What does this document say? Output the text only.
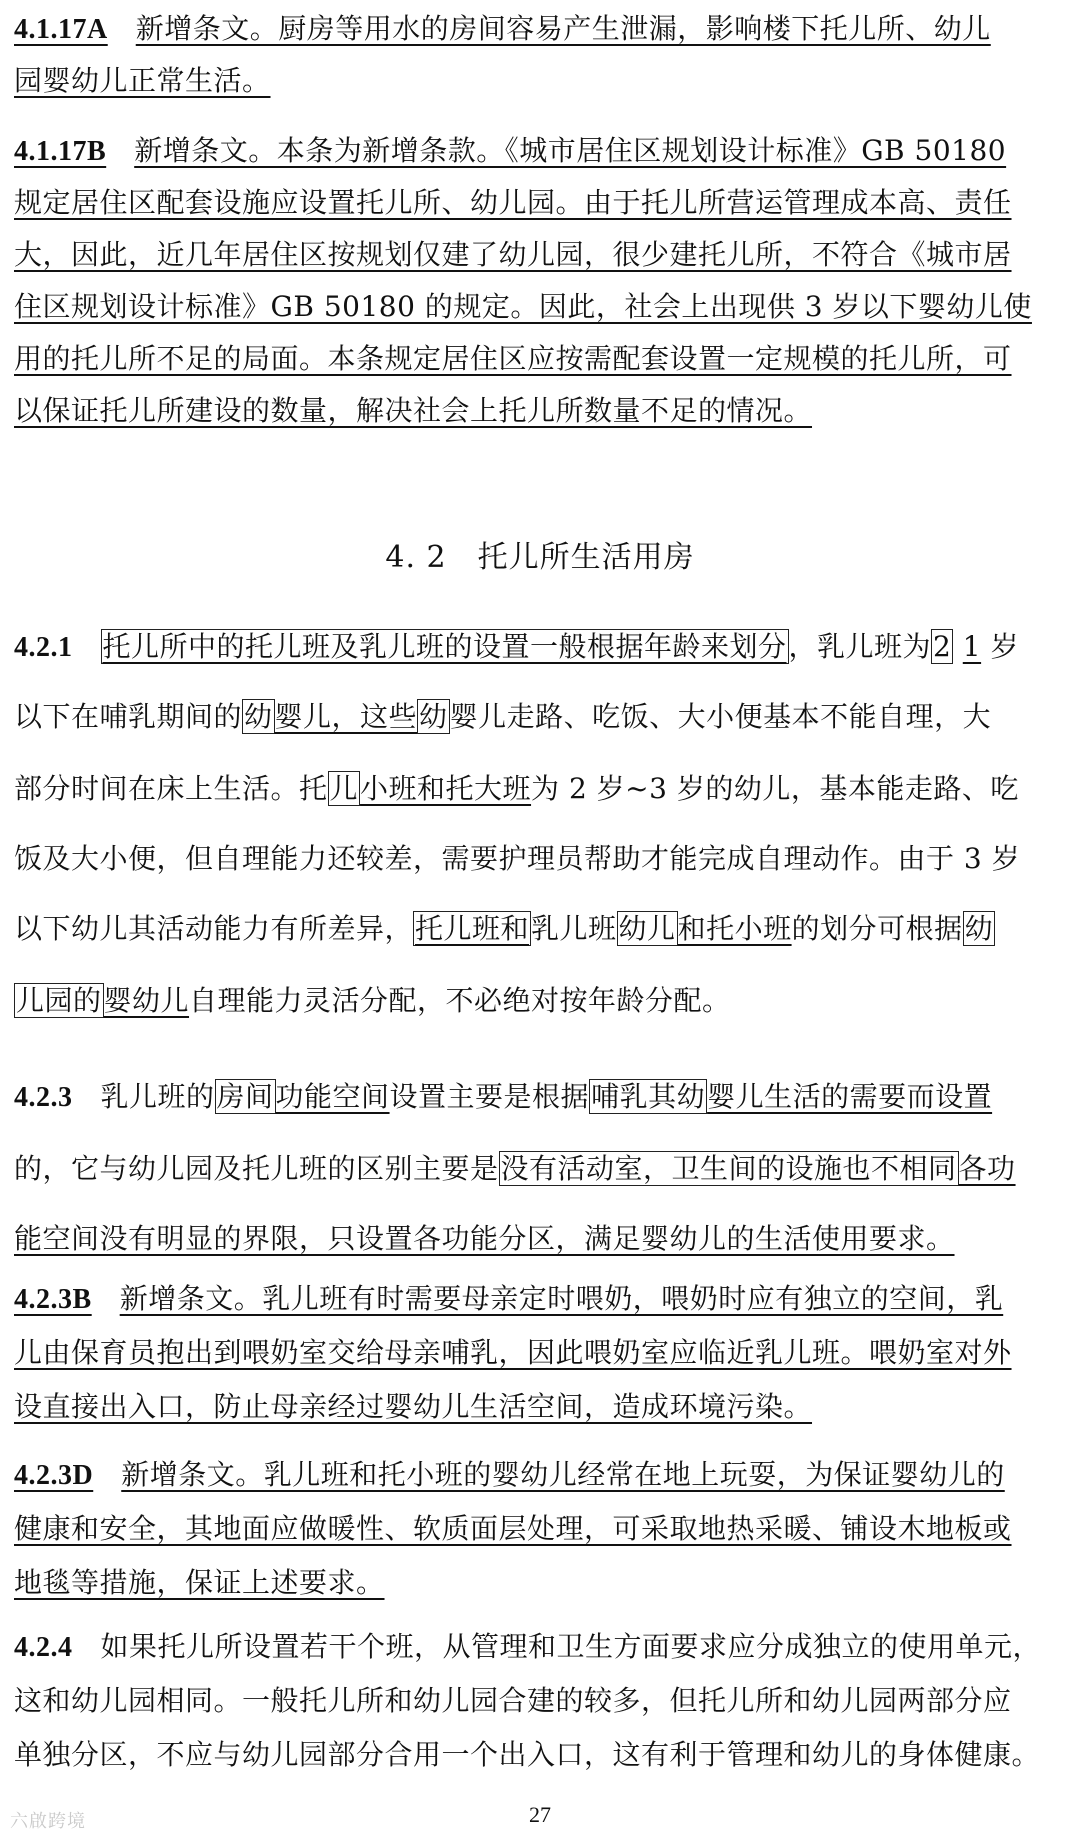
4.1.17A 新增条文。厨房等用水的房间容易产生泄漏，影响楼下托儿所、幼儿
园婴幼儿正常生活。
4.1.17B 新增条文。本条为新增条款。《城市居住区规划设计标准》GB 50180
规定居住区配套设施应设置托儿所、幼儿园。由于托儿所营运管理成本高、责任
大，因此，近几年居住区按规划仅建了幼儿园，很少建托儿所，不符合《城市居
住区规划设计标准》GB 50180 的规定。因此，社会上出现供 3 岁以下婴幼儿使
用的托儿所不足的局面。本条规定居住区应按需配套设置一定规模的托儿所，可
以保证托儿所建设的数量，解决社会上托儿所数量不足的情况。
4. 2　托儿所生活用房
4.2.1 托儿所中的托儿班及乳儿班的设置一般根据年龄来划分，乳儿班为2 1 岁
以下在哺乳期间的幼婴儿，这些幼婴儿走路、吃饭、大小便基本不能自理，大
部分时间在床上生活。托儿小班和托大班为 2 岁~3 岁的幼儿，基本能走路、吃
饭及大小便，但自理能力还较差，需要护理员帮助才能完成自理动作。由于 3 岁
以下幼儿其活动能力有所差异，托儿班和乳儿班幼儿和托小班的划分可根据幼
儿园的婴幼儿自理能力灵活分配，不必绝对按年龄分配。
4.2.3 乳儿班的房间功能空间设置主要是根据哺乳其幼婴儿生活的需要而设置
的，它与幼儿园及托儿班的区别主要是没有活动室，卫生间的设施也不相同各功
能空间没有明显的界限，只设置各功能分区，满足婴幼儿的生活使用要求。
4.2.3B 新增条文。乳儿班有时需要母亲定时喂奶，喂奶时应有独立的空间，乳
儿由保育员抱出到喂奶室交给母亲哺乳，因此喂奶室应临近乳儿班。喂奶室对外
设直接出入口，防止母亲经过婴幼儿生活空间，造成环境污染。
4.2.3D 新增条文。乳儿班和托小班的婴幼儿经常在地上玩耍，为保证婴幼儿的
健康和安全，其地面应做暖性、软质面层处理，可采取地热采暖、铺设木地板或
地毯等措施，保证上述要求。
4.2.4 如果托儿所设置若干个班，从管理和卫生方面要求应分成独立的使用单元，
这和幼儿园相同。一般托儿所和幼儿园合建的较多，但托儿所和幼儿园两部分应
单独分区，不应与幼儿园部分合用一个出入口，这有利于管理和幼儿的身体健康。
六啟跨境	27
